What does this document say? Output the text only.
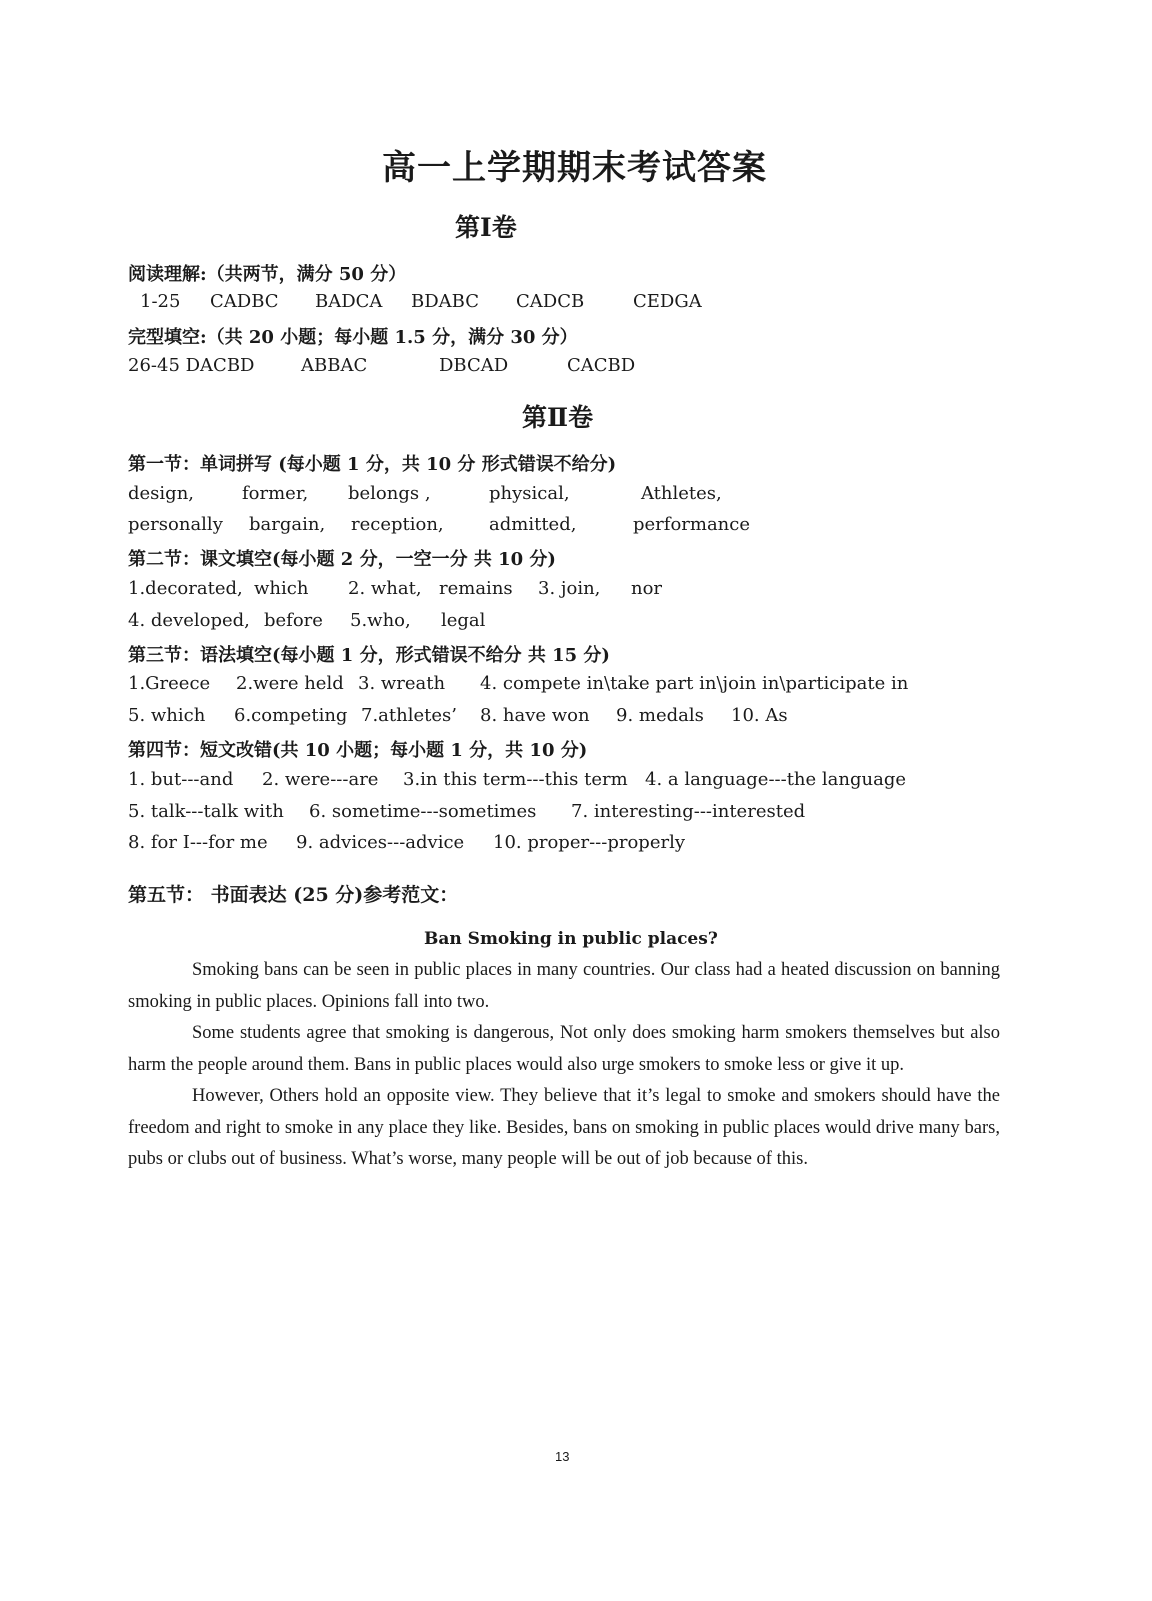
高一上学期期末考试答案
第Ⅰ卷
阅读理解:（共两节，满分 50 分）
1-25 CADBC BADCA BDABC CADCB	CEDGA
完型填空:（共 20 小题；每小题 1.5 分，满分 30 分）
26-45 DACBD	ABBAC	DBCAD	CACBD
第Ⅱ卷
第一节：单词拼写 (每小题 1 分，共 10 分 形式错误不给分)
design,	former, belongs ,	physical,	Athletes,
personally bargain, reception,	admitted,	performance
第二节：课文填空(每小题 2 分，一空一分 共 10 分)
1.decorated, which 2. what, remains 3. join, nor
4. developed, before 5.who, legal
第三节：语法填空(每小题 1 分，形式错误不给分 共 15 分)
1.Greece 2.were held 3. wreath 4. compete in\take part in\join in\participate in
5. which 6.competing 7.athletes’ 8. have won 9. medals 10. As
第四节：短文改错(共 10 小题；每小题 1 分，共 10 分)
1. but---and 2. were---are 3.in this term---this term 4. a language---the language
5. talk---talk with 6. sometime---sometimes 7. interesting---interested
8. for I---for me 9. advices---advice 10. proper---properly
第五节： 书面表达 (25 分)参考范文：
Ban Smoking in public places?

Smoking bans can be seen in public places in many countries. Our class had a heated discussion on banning smoking in public places. Opinions fall into two.

Some students agree that smoking is dangerous, Not only does smoking harm smokers themselves but also harm the people around them. Bans in public places would also urge smokers to smoke less or give it up.

However, Others hold an opposite view. They believe that it’s legal to smoke and smokers should have the freedom and right to smoke in any place they like. Besides, bans on smoking in public places would drive many bars, pubs or clubs out of business. What’s worse, many people will be out of job because of this.

13
